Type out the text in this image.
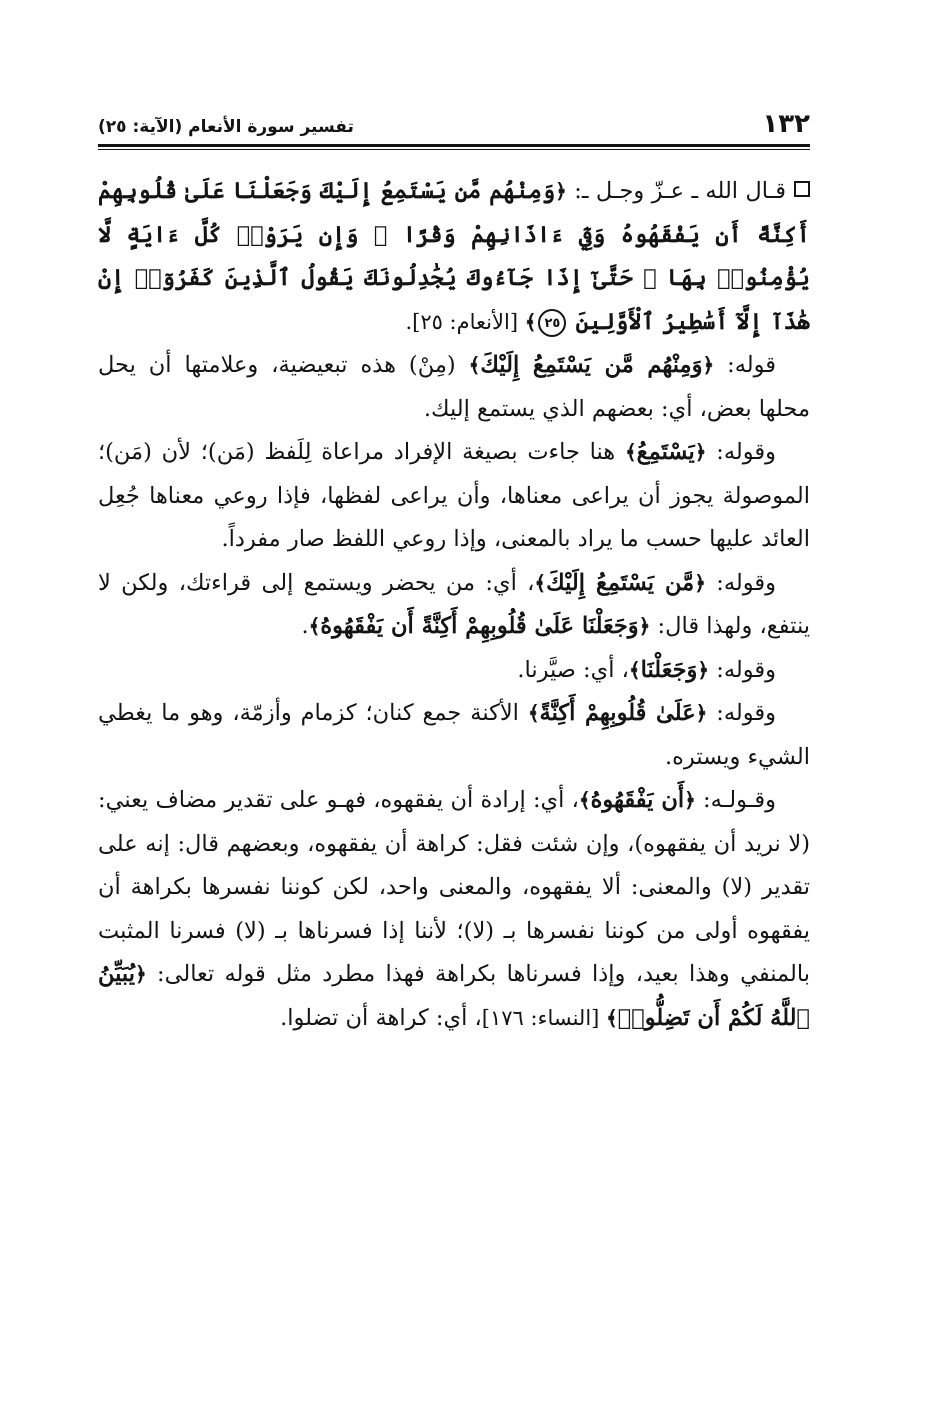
١٣٢
تفسير سورة الأنعام (الآية: ٢٥)

قـال الله ـ عـزّ وجـل ـ: ﴿وَمِنْهُم مَّن يَسْتَمِعُ إِلَيْكَ وَجَعَلْنَا عَلَىٰ قُلُوبِهِمْ أَكِنَّةً أَن يَفْقَهُوهُ وَفِيٓ ءَاذَانِهِمْ وَقْرًا ۚ وَإِن يَرَوْا۟ كُلَّ ءَايَةٍ لَّا يُؤْمِنُوا۟ بِهَا ۚ حَتَّىٰٓ إِذَا جَآءُوكَ يُجَٰدِلُونَكَ يَقُولُ ٱلَّذِينَ كَفَرُوٓا۟ إِنْ هَٰذَآ إِلَّآ أَسَٰطِيرُ ٱلْأَوَّلِينَ ٢٥﴾ [الأنعام: ٢٥].

قوله: ﴿وَمِنْهُم مَّن يَسْتَمِعُ إِلَيْكَ﴾ (مِنْ) هذه تبعيضية، وعلامتها أن يحل محلها بعض، أي: بعضهم الذي يستمع إليك.

وقوله: ﴿يَسْتَمِعُ﴾ هنا جاءت بصيغة الإفراد مراعاة لِلَفظ (مَن)؛ لأن (مَن)؛ الموصولة يجوز أن يراعى معناها، وأن يراعى لفظها، فإذا روعي معناها جُعِل العائد عليها حسب ما يراد بالمعنى، وإذا روعي اللفظ صار مفرداً.

وقوله: ﴿مَّن يَسْتَمِعُ إِلَيْكَ﴾، أي: من يحضر ويستمع إلى قراءتك، ولكن لا ينتفع، ولهذا قال: ﴿وَجَعَلْنَا عَلَىٰ قُلُوبِهِمْ أَكِنَّةً أَن يَفْقَهُوهُ﴾.

وقوله: ﴿وَجَعَلْنَا﴾، أي: صيَّرنا.

وقوله: ﴿عَلَىٰ قُلُوبِهِمْ أَكِنَّةً﴾ الأكنة جمع كنان؛ كزمام وأزمّة، وهو ما يغطي الشيء ويستره.

وقـولـه: ﴿أَن يَفْقَهُوهُ﴾، أي: إرادة أن يفقهوه، فهـو على تقدير مضاف يعني: (لا نريد أن يفقهوه)، وإن شئت فقل: كراهة أن يفقهوه، وبعضهم قال: إنه على تقدير (لا) والمعنى: ألا يفقهوه، والمعنى واحد، لكن كوننا نفسرها بكراهة أن يفقهوه أولى من كوننا نفسرها بـ (لا)؛ لأننا إذا فسرناها بـ (لا) فسرنا المثبت بالمنفي وهذا بعيد، وإذا فسرناها بكراهة فهذا مطرد مثل قوله تعالى: ﴿يُبَيِّنُ ٱللَّهُ لَكُمْ أَن تَضِلُّوا۟﴾ [النساء: ١٧٦]، أي: كراهة أن تضلوا.
